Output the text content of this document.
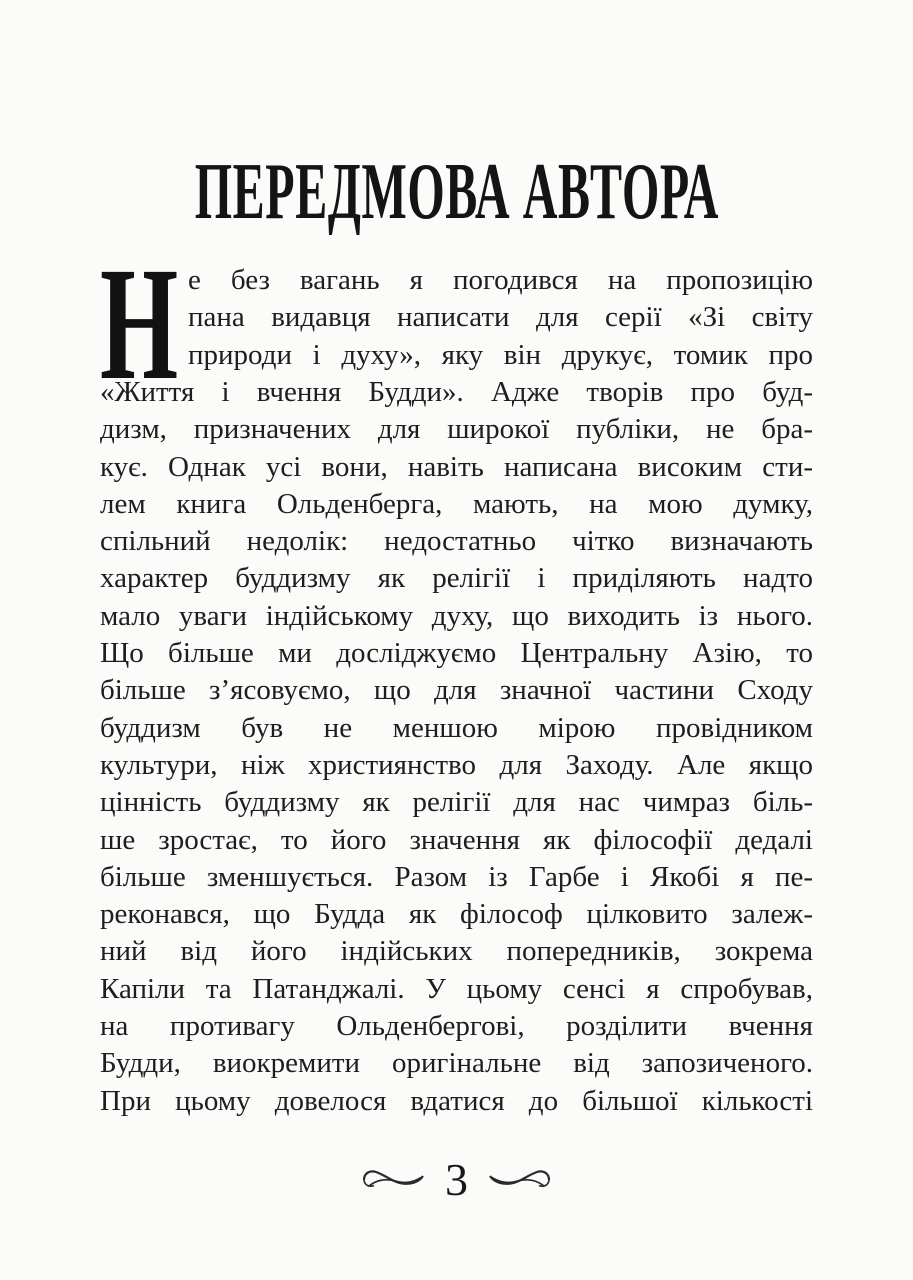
ПЕРЕДМОВА АВТОРА
Н е без вагань я погодився на пропозицію
пана видавця написати для серії «Зі світу
природи і духу», яку він друкує, томик про
«Життя і вчення Будди». Адже творів про буд-
дизм, призначених для широкої публіки, не бра-
кує. Однак усі вони, навіть написана високим сти-
лем книга Ольденберга, мають, на мою думку,
спільний недолік: недостатньо чітко визначають
характер буддизму як релігії і приділяють надто
мало уваги індійському духу, що виходить із нього.
Що більше ми досліджуємо Центральну Азію, то
більше з’ясовуємо, що для значної частини Сходу
буддизм був не меншою мірою провідником
культури, ніж християнство для Заходу. Але якщо
цінність буддизму як релігії для нас чимраз біль-
ше зростає, то його значення як філософії дедалі
більше зменшується. Разом із Гарбе і Якобі я пе-
реконався, що Будда як філософ цілковито залеж-
ний від його індійських попередників, зокрема
Капіли та Патанджалі. У цьому сенсі я спробував,
на противагу Ольденбергові, розділити вчення
Будди, виокремити оригінальне від запозиченого.
При цьому довелося вдатися до більшої кількості
3
